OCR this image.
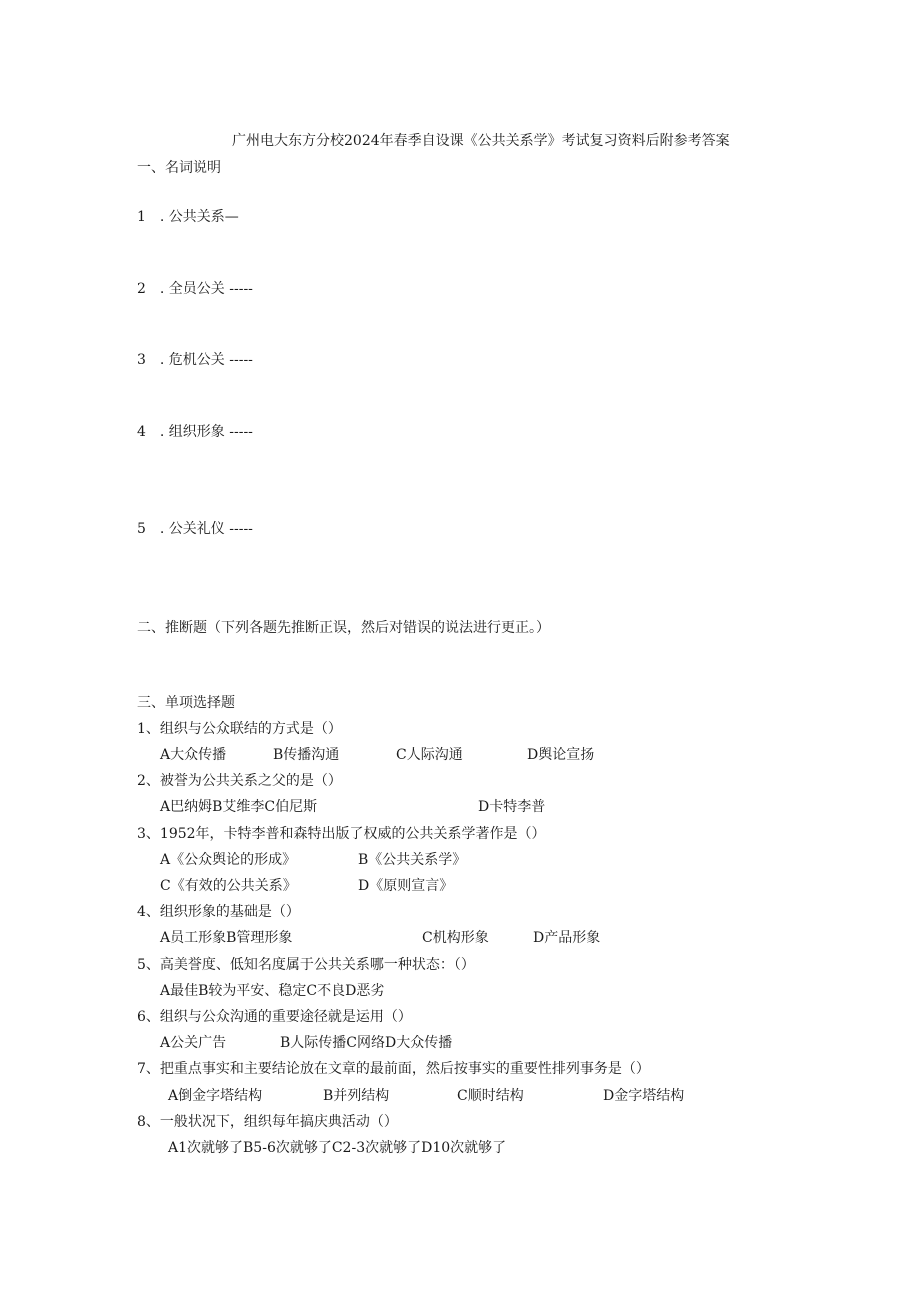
广州电大东方分校2024年春季自设课《公共关系学》考试复习资料后附参考答案
一、名词说明
1　. 公共关系—
2　. 全员公关 -----
3　. 危机公关 -----
4　. 组织形象 -----
5　. 公关礼仪 -----
二、推断题（下列各题先推断正误，然后对错误的说法进行更正。）
三、单项选择题
1、组织与公众联结的方式是（）
A大众传播	B传播沟通	C人际沟通	D舆论宣扬
2、被誉为公共关系之父的是（）
A巴纳姆B艾维李C伯尼斯	D卡特李普
3、1952年，卡特李普和森特出版了权威的公共关系学著作是（）
A《公众舆论的形成》	B《公共关系学》
C《有效的公共关系》	D《原则宣言》
4、组织形象的基础是（）
A员工形象B管理形象	C机构形象	D产品形象
5、高美誉度、低知名度属于公共关系哪一种状态：（）
A最佳B较为平安、稳定C不良D恶劣
6、组织与公众沟通的重要途径就是运用（）
A公关广告	B人际传播C网络D大众传播
7、把重点事实和主要结论放在文章的最前面，然后按事实的重要性排列事务是（）
A倒金字塔结构	B并列结构	C顺时结构	D金字塔结构
8、一般状况下，组织每年搞庆典活动（）
A1次就够了B5-6次就够了C2-3次就够了D10次就够了
